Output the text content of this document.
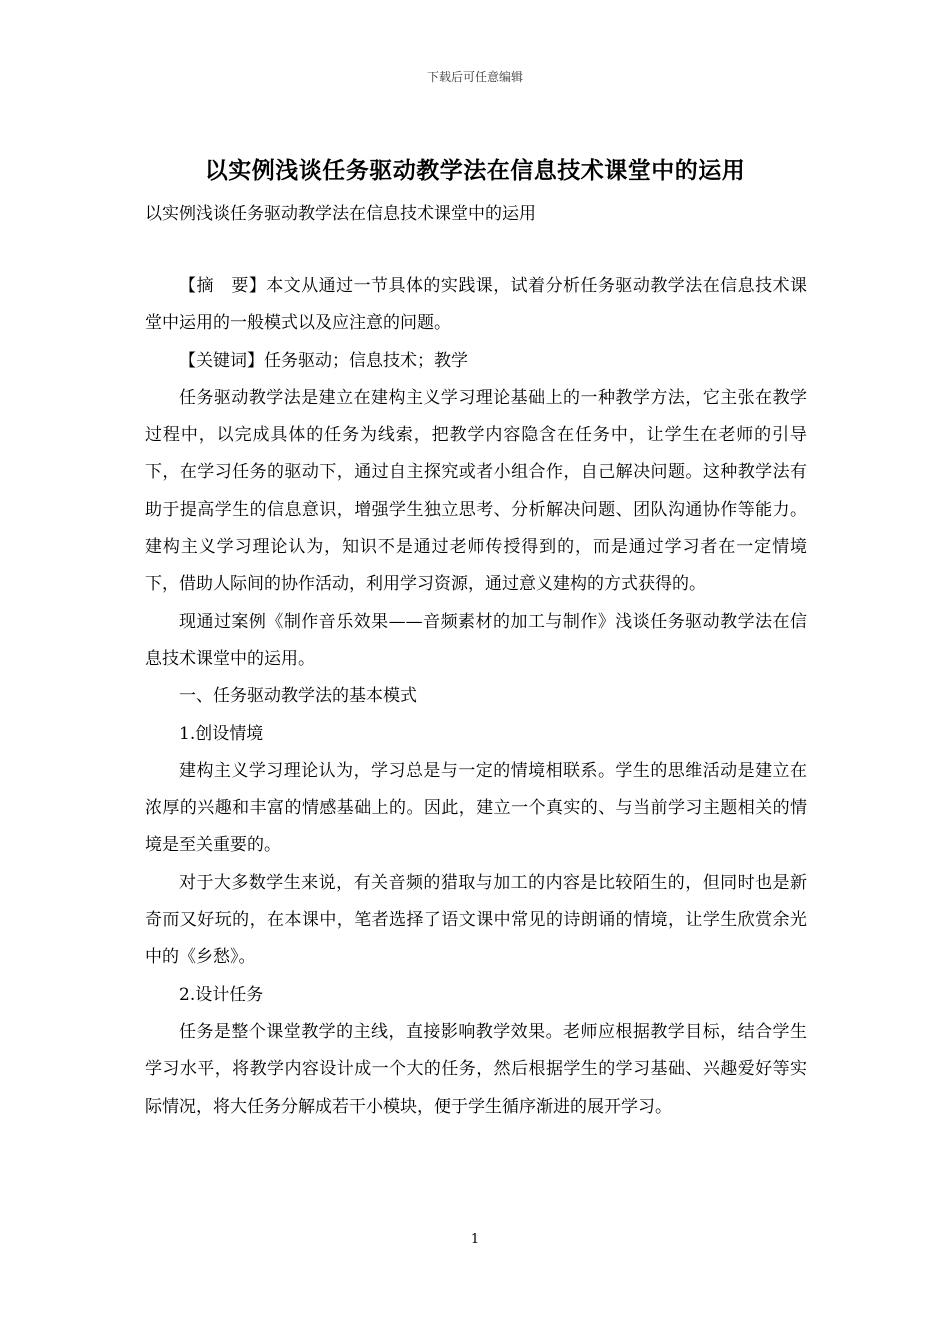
下载后可任意编辑
以实例浅谈任务驱动教学法在信息技术课堂中的运用
以实例浅谈任务驱动教学法在信息技术课堂中的运用

【摘　要】本文从通过一节具体的实践课，试着分析任务驱动教学法在信息技术课堂中运用的一般模式以及应注意的问题。

【关键词】任务驱动；信息技术；教学

任务驱动教学法是建立在建构主义学习理论基础上的一种教学方法，它主张在教学过程中，以完成具体的任务为线索，把教学内容隐含在任务中，让学生在老师的引导下，在学习任务的驱动下，通过自主探究或者小组合作，自己解决问题。这种教学法有助于提高学生的信息意识，增强学生独立思考、分析解决问题、团队沟通协作等能力。建构主义学习理论认为，知识不是通过老师传授得到的，而是通过学习者在一定情境下，借助人际间的协作活动，利用学习资源，通过意义建构的方式获得的。

现通过案例《制作音乐效果——音频素材的加工与制作》浅谈任务驱动教学法在信息技术课堂中的运用。

一、任务驱动教学法的基本模式

1.创设情境

建构主义学习理论认为，学习总是与一定的情境相联系。学生的思维活动是建立在浓厚的兴趣和丰富的情感基础上的。因此，建立一个真实的、与当前学习主题相关的情境是至关重要的。

对于大多数学生来说，有关音频的猎取与加工的内容是比较陌生的，但同时也是新奇而又好玩的，在本课中，笔者选择了语文课中常见的诗朗诵的情境，让学生欣赏余光中的《乡愁》。

2.设计任务

任务是整个课堂教学的主线，直接影响教学效果。老师应根据教学目标，结合学生学习水平，将教学内容设计成一个大的任务，然后根据学生的学习基础、兴趣爱好等实际情况，将大任务分解成若干小模块，便于学生循序渐进的展开学习。

1
